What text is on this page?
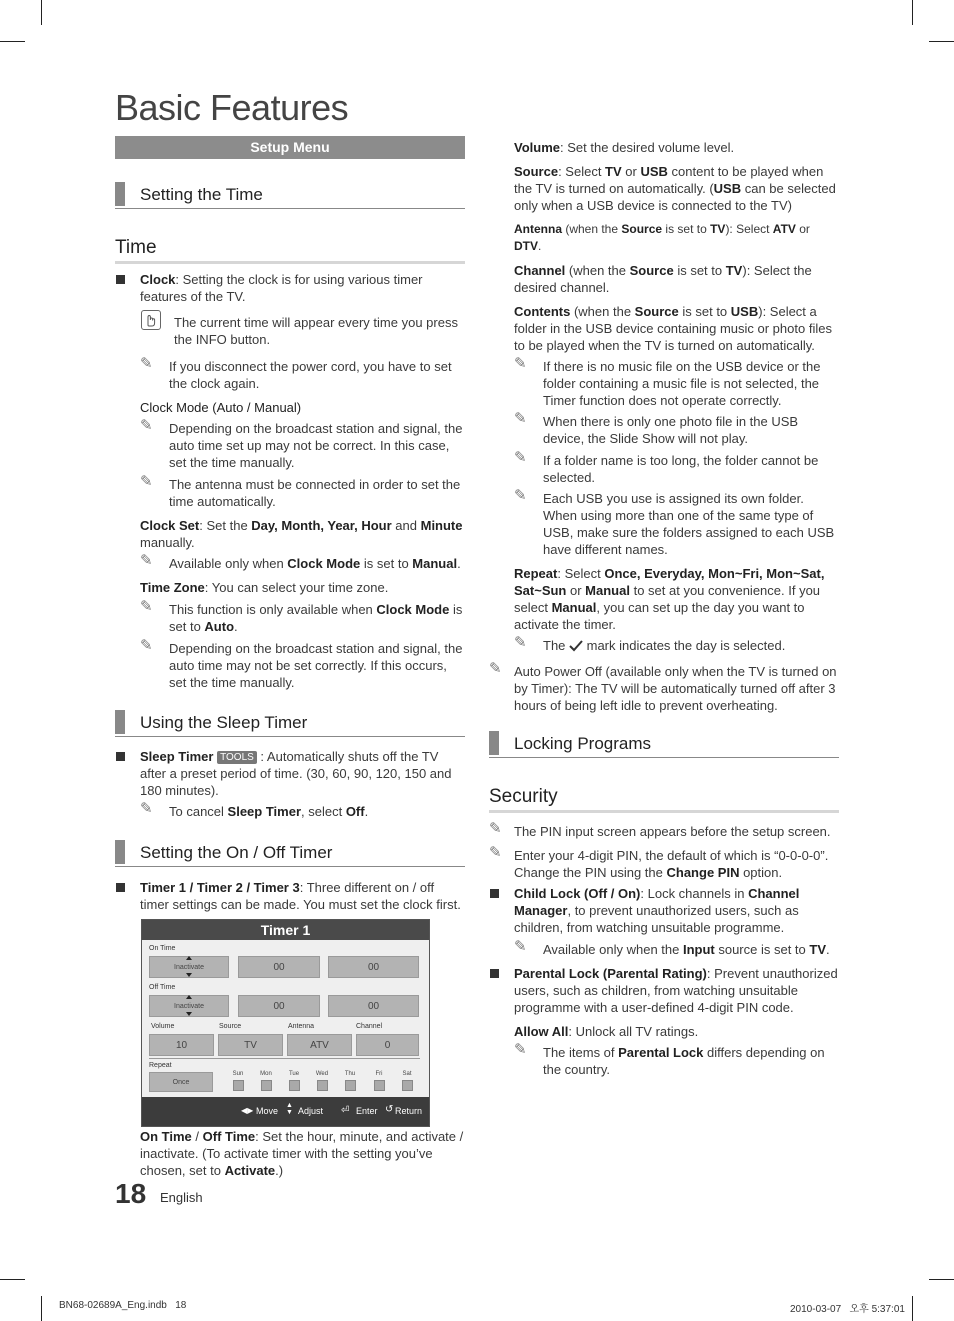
Basic Features
Setup Menu
Setting the Time
Time
Clock: Setting the clock is for using various timer features of the TV.
The current time will appear every time you press the INFO button.
✎ If you disconnect the power cord, you have to set the clock again.
Clock Mode (Auto / Manual)
✎ Depending on the broadcast station and signal, the auto time set up may not be correct. In this case, set the time manually.
✎ The antenna must be connected in order to set the time automatically.
Clock Set: Set the Day, Month, Year, Hour and Minute manually.
✎ Available only when Clock Mode is set to Manual.
Time Zone: You can select your time zone.
✎ This function is only available when Clock Mode is set to Auto.
✎ Depending on the broadcast station and signal, the auto time may not be set correctly. If this occurs, set the time manually.
Using the Sleep Timer
Sleep Timer TOOLS : Automatically shuts off the TV after a preset period of time. (30, 60, 90, 120, 150 and 180 minutes).
✎ To cancel Sleep Timer, select Off.
Setting the On / Off Timer
Timer 1 / Timer 2 / Timer 3: Three different on / off timer settings can be made. You must set the clock first.
Timer 1
On Time
Inactivate	00	00
Off Time
Inactivate	00	00
Volume	Source	Antenna	Channel
10	TV	ATV	0
Repeat
Once
Sun	Mon	Tue	Wed	Thu	Fri	Sat
◀▶ Move
▲
▼ Adjust ⏎ Enter ↺ Return
On Time / Off Time: Set the hour, minute, and activate / inactivate. (To activate timer with the setting you’ve chosen, set to Activate.)
18 English
Volume: Set the desired volume level.
Source: Select TV or USB content to be played when the TV is turned on automatically. (USB can be selected only when a USB device is connected to the TV)
Antenna (when the Source is set to TV): Select ATV or DTV.
Channel (when the Source is set to TV): Select the desired channel.
Contents (when the Source is set to USB): Select a folder in the USB device containing music or photo files to be played when the TV is turned on automatically.
✎ If there is no music file on the USB device or the folder containing a music file is not selected, the Timer function does not operate correctly.
✎ When there is only one photo file in the USB device, the Slide Show will not play.
✎ If a folder name is too long, the folder cannot be selected.
✎ Each USB you use is assigned its own folder. When using more than one of the same type of USB, make sure the folders assigned to each USB have different names.
Repeat: Select Once, Everyday, Mon~Fri, Mon~Sat, Sat~Sun or Manual to set at you convenience. If you select Manual, you can set up the day you want to activate the timer.
✎ The  mark indicates the day is selected.
✎ Auto Power Off (available only when the TV is turned on by Timer): The TV will be automatically turned off after 3 hours of being left idle to prevent overheating.
Locking Programs
Security
✎ The PIN input screen appears before the setup screen.
✎ Enter your 4-digit PIN, the default of which is “0-0-0-0”. Change the PIN using the Change PIN option.
Child Lock (Off / On): Lock channels in Channel Manager, to prevent unauthorized users, such as children, from watching unsuitable programme.
✎ Available only when the Input source is set to TV.
Parental Lock (Parental Rating): Prevent unauthorized users, such as children, from watching unsuitable programme with a user-defined 4-digit PIN code.
Allow All: Unlock all TV ratings.
✎ The items of Parental Lock differs depending on the country.
BN68-02689A_Eng.indb   18	2010-03-07   오후 5:37:01
